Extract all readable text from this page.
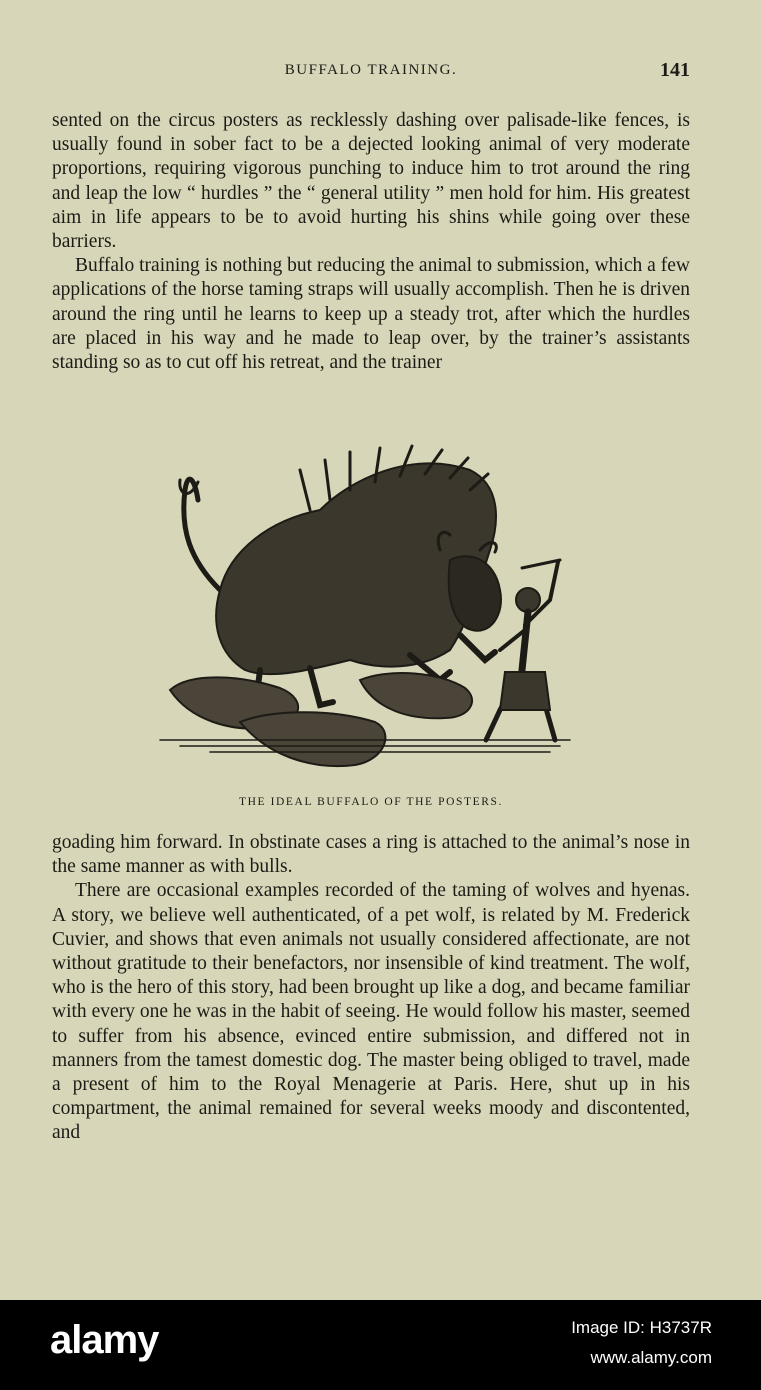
BUFFALO TRAINING.	141

sented on the circus posters as recklessly dashing over palisade-like fences, is usually found in sober fact to be a dejected looking animal of very moderate proportions, requiring vigorous punching to induce him to trot around the ring and leap the low “ hurdles ” the “ general utility ” men hold for him. His greatest aim in life appears to be to avoid hurting his shins while going over these barriers.

Buffalo training is nothing but reducing the animal to submission, which a few applications of the horse taming straps will usually accomplish. Then he is driven around the ring until he learns to keep up a steady trot, after which the hurdles are placed in his way and he made to leap over, by the trainer’s assistants standing so as to cut off his retreat, and the trainer

THE IDEAL BUFFALO OF THE POSTERS.

goading him forward. In obstinate cases a ring is attached to the animal’s nose in the same manner as with bulls.

There are occasional examples recorded of the taming of wolves and hyenas. A story, we believe well authenticated, of a pet wolf, is related by M. Frederick Cuvier, and shows that even animals not usually considered affectionate, are not without gratitude to their benefactors, nor insensible of kind treatment. The wolf, who is the hero of this story, had been brought up like a dog, and became familiar with every one he was in the habit of seeing. He would follow his master, seemed to suffer from his absence, evinced entire submission, and differed not in manners from the tamest domestic dog. The master being obliged to travel, made a present of him to the Royal Menagerie at Paris. Here, shut up in his compartment, the animal remained for several weeks moody and discontented, and

alamy	Image ID: H3737R
www.alamy.com
